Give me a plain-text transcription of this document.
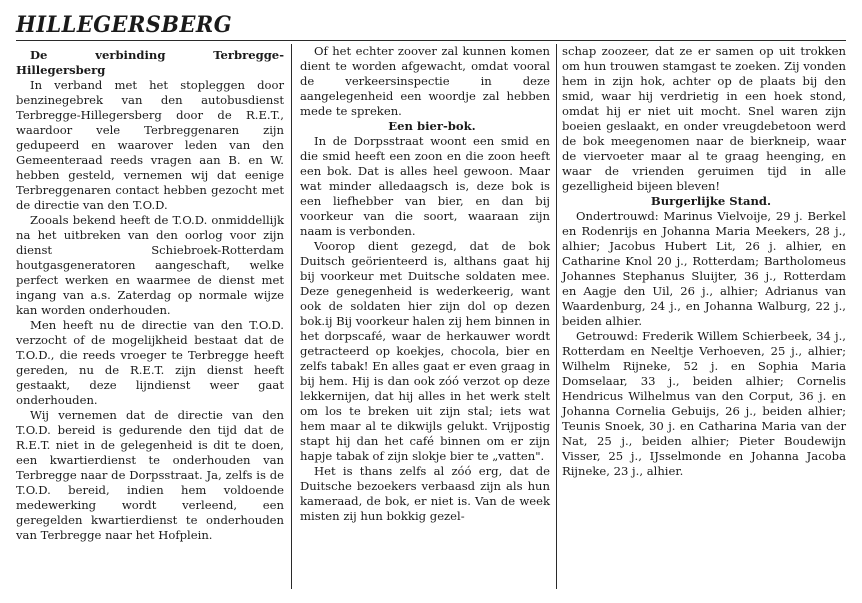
HILLEGERSBERG

De verbinding Terbregge-Hillegersberg

In verband met het stopleggen door benzinegebrek van den autobusdienst Terbregge-Hillegersberg door de R.E.T., waardoor vele Terbreggenaren zijn gedupeerd en waarover leden van den Gemeenteraad reeds vragen aan B. en W. hebben gesteld, vernemen wij dat eenige Terbreggenaren contact hebben gezocht met de directie van den T.O.D.

Zooals bekend heeft de T.O.D. onmiddellijk na het uitbreken van den oorlog voor zijn dienst Schiebroek-Rotterdam houtgasgeneratoren aangeschaft, welke perfect werken en waarmee de dienst met ingang van a.s. Zaterdag op normale wijze kan worden onderhouden.

Men heeft nu de directie van den T.O.D. verzocht of de mogelijkheid bestaat dat de T.O.D., die reeds vroeger te Terbregge heeft gereden, nu de R.E.T. zijn dienst heeft gestaakt, deze lijndienst weer gaat onderhouden.

Wij vernemen dat de directie van den T.O.D. bereid is gedurende den tijd dat de R.E.T. niet in de gelegenheid is dit te doen, een kwartierdienst te onderhouden van Terbregge naar de Dorpsstraat. Ja, zelfs is de T.O.D. bereid, indien hem voldoende medewerking wordt verleend, een geregelden kwartierdienst te onderhouden van Terbregge naar het Hofplein.

Of het echter zoover zal kunnen komen dient te worden afgewacht, omdat vooral de verkeersinspectie in deze aangelegenheid een woordje zal hebben mede te spreken.

Een bier-bok.

In de Dorpsstraat woont een smid en die smid heeft een zoon en die zoon heeft een bok. Dat is alles heel gewoon. Maar wat minder alledaagsch is, deze bok is een liefhebber van bier, en dan bij voorkeur van die soort, waaraan zijn naam is verbonden.

Voorop dient gezegd, dat de bok Duitsch geörienteerd is, althans gaat hij bij voorkeur met Duitsche soldaten mee. Deze genegenheid is wederkeerig, want ook de soldaten hier zijn dol op dezen bok.ij Bij voorkeur halen zij hem binnen in het dorpscafé, waar de herkauwer wordt getracteerd op koekjes, chocola, bier en zelfs tabak! En alles gaat er even graag in bij hem. Hij is dan ook zóó verzot op deze lekkernijen, dat hij alles in het werk stelt om los te breken uit zijn stal; iets wat hem maar al te dikwijls gelukt. Vrijpostig stapt hij dan het café binnen om er zijn hapje tabak of zijn slokje bier te „vatten".

Het is thans zelfs al zóó erg, dat de Duitsche bezoekers verbaasd zijn als hun kameraad, de bok, er niet is. Van de week misten zij hun bokkig gezel-

schap zoozeer, dat ze er samen op uit trokken om hun trouwen stamgast te zoeken. Zij vonden hem in zijn hok, achter op de plaats bij den smid, waar hij verdrietig in een hoek stond, omdat hij er niet uit mocht. Snel waren zijn boeien geslaakt, en onder vreugdebetoon werd de bok meegenomen naar de bierkneip, waar de viervoeter maar al te graag heenging, en waar de vrienden geruimen tijd in alle gezelligheid bijeen bleven!

Burgerlijke Stand.

Ondertrouwd: Marinus Vielvoije, 29 j. Berkel en Rodenrijs en Johanna Maria Meekers, 28 j., alhier; Jacobus Hubert Lit, 26 j. alhier, en Catharine Knol 20 j., Rotterdam; Bartholomeus Johannes Stephanus Sluijter, 36 j., Rotterdam en Aagje den Uil, 26 j., alhier; Adrianus van Waardenburg, 24 j., en Johanna Walburg, 22 j., beiden alhier.

Getrouwd: Frederik Willem Schierbeek, 34 j., Rotterdam en Neeltje Verhoeven, 25 j., alhier; Wilhelm Rijneke, 52 j. en Sophia Maria Domselaar, 33 j., beiden alhier; Cornelis Hendricus Wilhelmus van den Corput, 36 j. en Johanna Cornelia Gebuijs, 26 j., beiden alhier; Teunis Snoek, 30 j. en Catharina Maria van der Nat, 25 j., beiden alhier; Pieter Boudewijn Visser, 25 j., IJsselmonde en Johanna Jacoba Rijneke, 23 j., alhier.
